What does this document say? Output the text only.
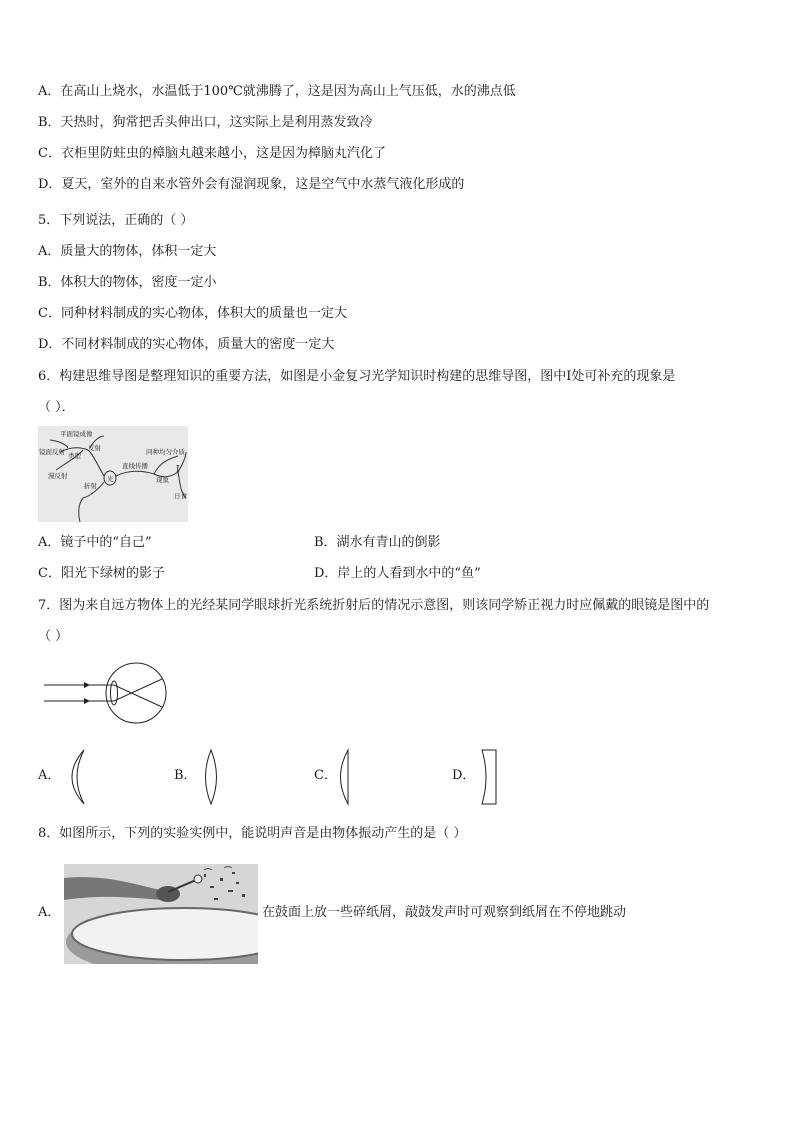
A．在高山上烧水，水温低于100℃就沸腾了，这是因为高山上气压低，水的沸点低
B．天热时，狗常把舌头伸出口，这实际上是利用蒸发致冷
C．衣柜里防蛀虫的樟脑丸越来越小，这是因为樟脑丸汽化了
D．夏天，室外的自来水管外会有湿润现象，这是空气中水蒸气液化形成的
5．下列说法，正确的（ ）
A．质量大的物体，体积一定大
B．体积大的物体，密度一定小
C．同种材料制成的实心物体，体积大的质量也一定大
D．不同材料制成的实心物体，质量大的密度一定大
6．构建思维导图是整理知识的重要方法，如图是小金复习光学知识时构建的思维导图，图中Ⅰ处可补充的现象是
（ ）．
光
反射
类型
平面镜成像
镜面反射
漫反射
折射
直线传播
同种均匀介质
现象
Ⅰ
日食
A．镜子中的“自己”	B．湖水有青山的倒影
C．阳光下绿树的影子	D．岸上的人看到水中的“鱼”
7．图为来自远方物体上的光经某同学眼球折光系统折射后的情况示意图，则该同学矫正视力时应佩戴的眼镜是图中的
（ ）
A．	B．	C．	D．
8．如图所示，下列的实验实例中，能说明声音是由物体振动产生的是（ ）
A．	在鼓面上放一些碎纸屑，敲鼓发声时可观察到纸屑在不停地跳动
